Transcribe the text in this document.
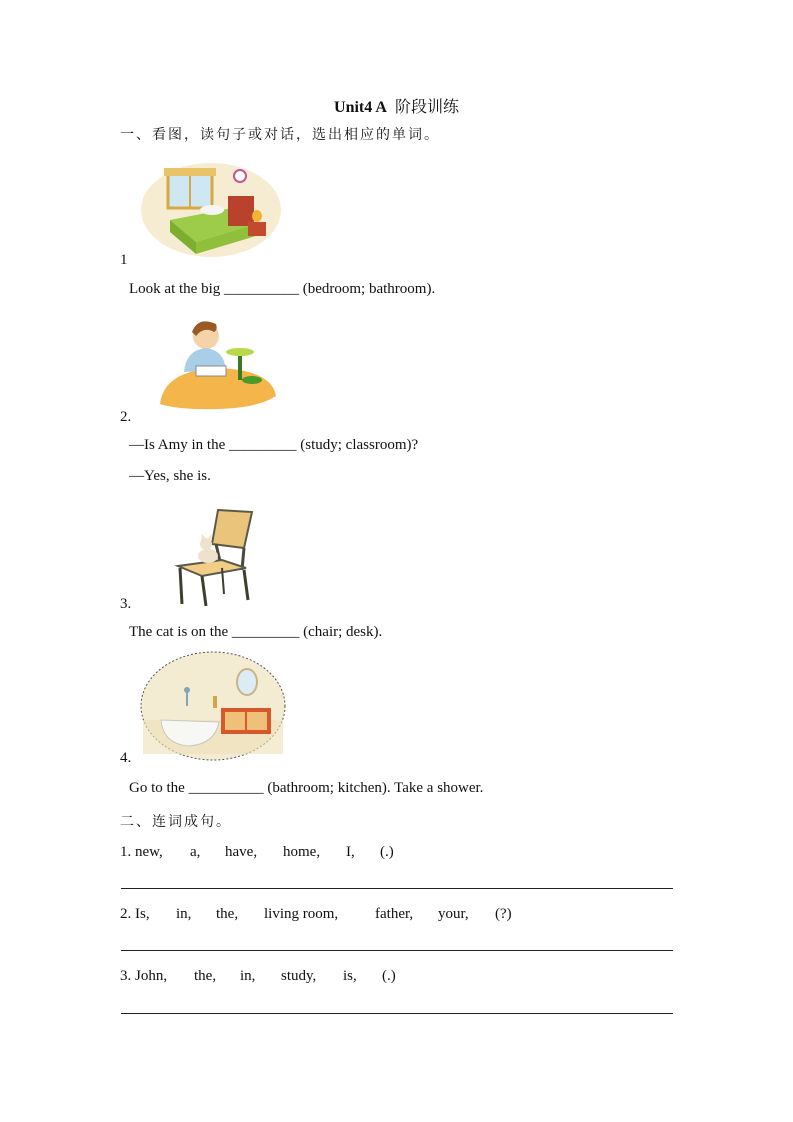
Unit4 A 阶段训练
一、看图，读句子或对话，选出相应的单词。
1
Look at the big __________ (bedroom; bathroom).
2.
—Is Amy in the _________ (study; classroom)?
—Yes, she is.
3.
The cat is on the _________ (chair; desk).
4.
Go to the __________ (bathroom; kitchen). Take a shower.
二、连词成句。
1. new, a, have, home, I, (.)
2. Is, in, the, living room, father, your, (?)
3. John, the, in, study, is, (.)
